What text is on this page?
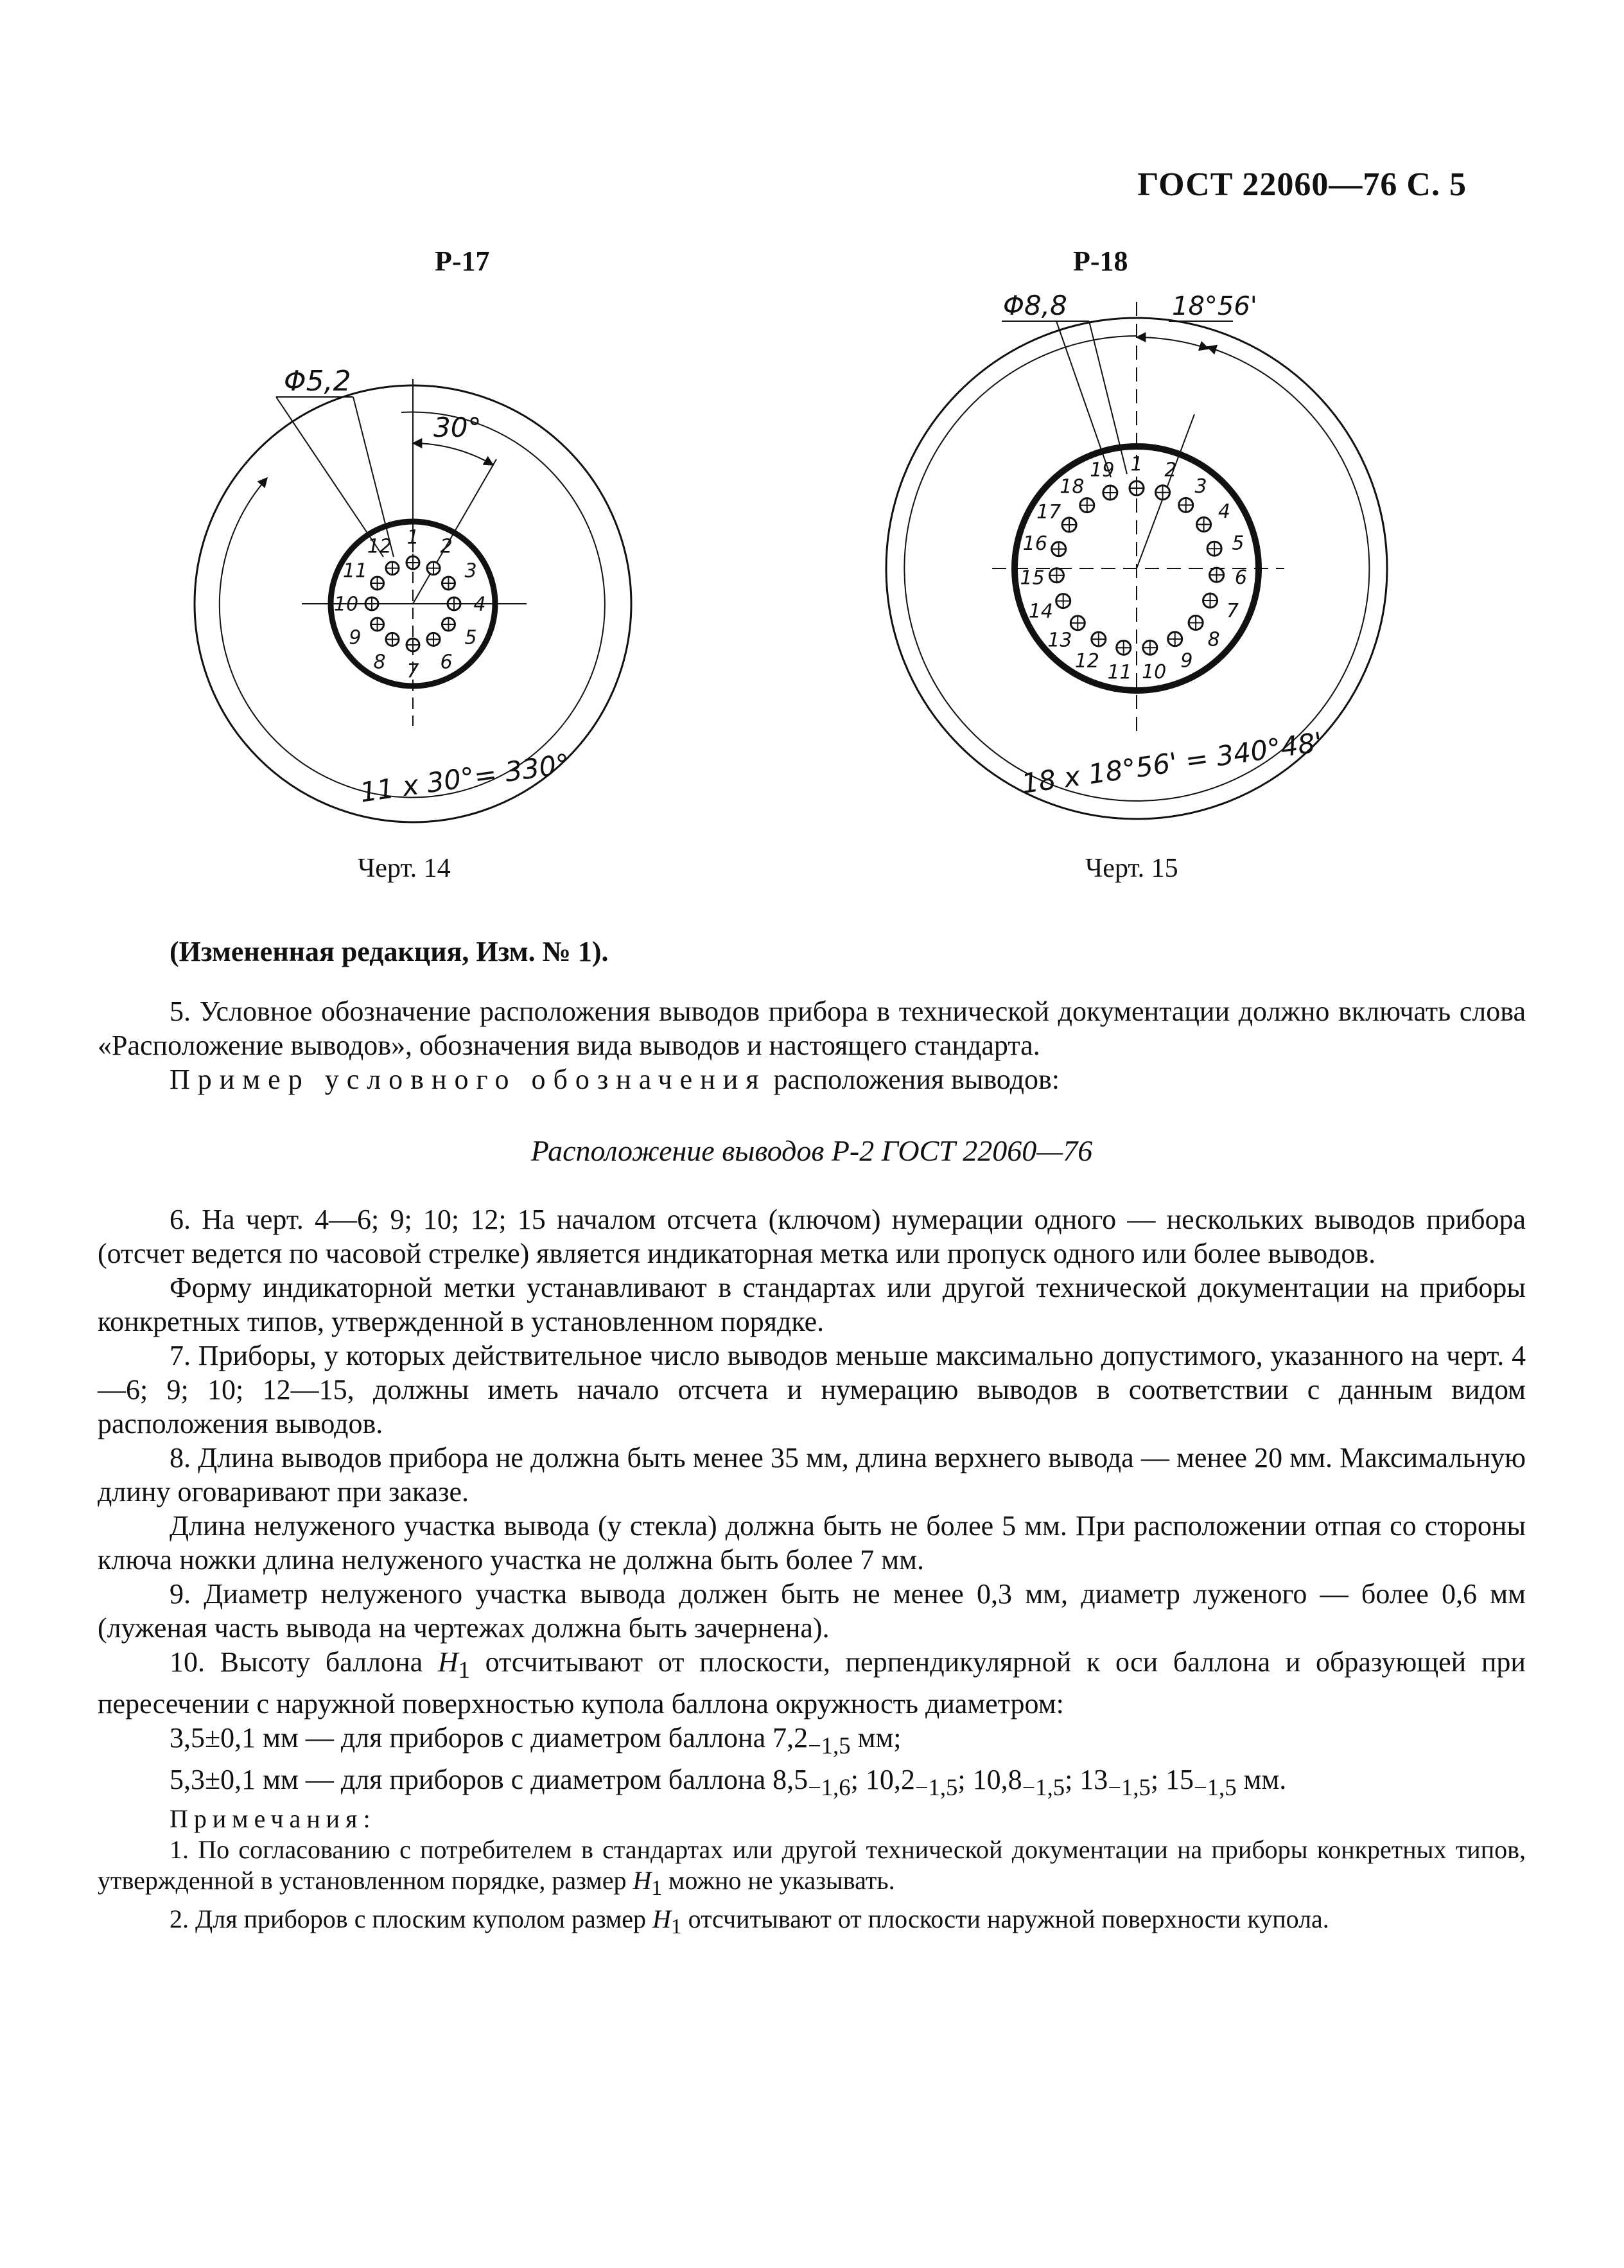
ГОСТ 22060—76 С. 5
Р-17
Φ5,2
30°
11 x 30°= 330°
1 2
3
4
5
6
7
8
9
10
11
12
Черт. 14
Р-18
Φ8,8	18°56'
18 x 18°56' = 340°48'
1 2
3
4
5
6
7
8
9
10
11
12
13
14
15
16
17
18
19
Черт. 15

(Измененная редакция, Изм. № 1).

5. Условное обозначение расположения выводов прибора в технической документации должно включать слова «Расположение выводов», обозначения вида выводов и настоящего стандарта.

Пример условного обозначения расположения выводов:

Расположение выводов Р-2 ГОСТ 22060—76

6. На черт. 4—6; 9; 10; 12; 15 началом отсчета (ключом) нумерации одного — нескольких выводов прибора (отсчет ведется по часовой стрелке) является индикаторная метка или пропуск одного или более выводов.

Форму индикаторной метки устанавливают в стандартах или другой технической документации на приборы конкретных типов, утвержденной в установленном порядке.

7. Приборы, у которых действительное число выводов меньше максимально допустимого, указанного на черт. 4—6; 9; 10; 12—15, должны иметь начало отсчета и нумерацию выводов в соответствии с данным видом расположения выводов.

8. Длина выводов прибора не должна быть менее 35 мм, длина верхнего вывода — менее 20 мм. Максимальную длину оговаривают при заказе.

Длина нелуженого участка вывода (у стекла) должна быть не более 5 мм. При расположении отпая со стороны ключа ножки длина нелуженого участка не должна быть более 7 мм.

9. Диаметр нелуженого участка вывода должен быть не менее 0,3 мм, диаметр луженого — более 0,6 мм (луженая часть вывода на чертежах должна быть зачернена).

10. Высоту баллона $H_1$ отсчитывают от плоскости, перпендикулярной к оси баллона и образующей при пересечении с наружной поверхностью купола баллона окружность диаметром:

3,5±0,1 мм — для приборов с диаметром баллона $7,2_{-1,5}$ мм;

5,3±0,1 мм — для приборов с диаметром баллона $8,5_{-1,6}$; $10,2_{-1,5}$; $10,8_{-1,5}$; $13_{-1,5}$; $15_{-1,5}$ мм.

Примечания:

1. По согласованию с потребителем в стандартах или другой технической документации на приборы конкретных типов, утвержденной в установленном порядке, размер $H_1$ можно не указывать.

2. Для приборов с плоским куполом размер $H_1$ отсчитывают от плоскости наружной поверхности купола.
